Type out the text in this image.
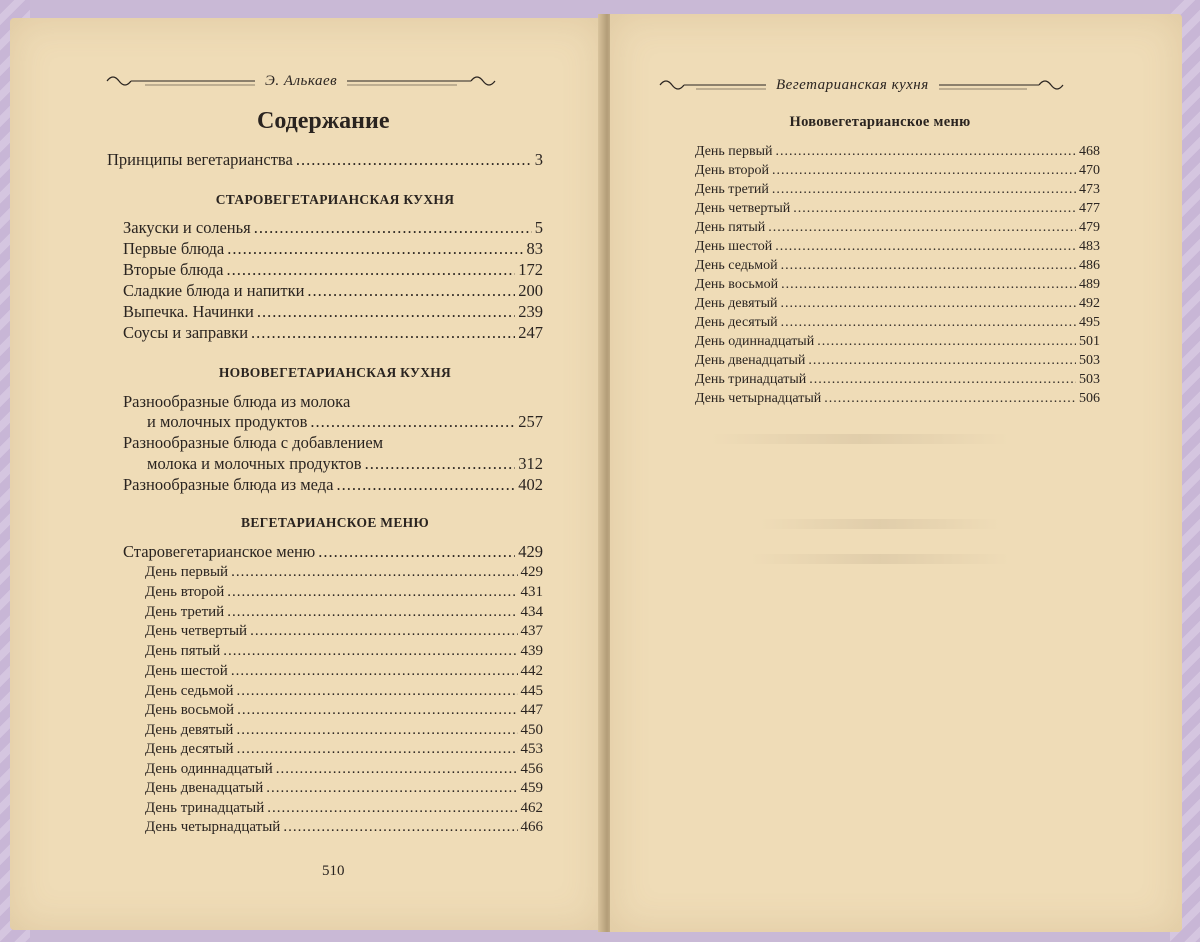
Э. Алькаев
Содержание
Принципы вегетарианства .....	3
СТАРОВЕГЕТАРИАНСКАЯ КУХНЯ
Закуски и соленья .....	5
Первые блюда .....	83
Вторые блюда .....	172
Сладкие блюда и напитки .....	200
Выпечка. Начинки .....	239
Соусы и заправки .....	247
НОВОВЕГЕТАРИАНСКАЯ КУХНЯ
Разнообразные блюда из молока
и молочных продуктов .....	257
Разнообразные блюда с добавлением
молока и молочных продуктов .....	312
Разнообразные блюда из меда .....	402
ВЕГЕТАРИАНСКОЕ МЕНЮ
Старовегетарианское меню .....	429
День первый .....	429
День второй .....	431
День третий .....	434
День четвертый .....	437
День пятый .....	439
День шестой .....	442
День седьмой .....	445
День восьмой .....	447
День девятый .....	450
День десятый .....	453
День одиннадцатый .....	456
День двенадцатый .....	459
День тринадцатый .....	462
День четырнадцатый .....	466
510
Вегетарианская кухня
Нововегетарианское меню
День первый .....	468
День второй .....	470
День третий .....	473
День четвертый .....	477
День пятый .....	479
День шестой .....	483
День седьмой .....	486
День восьмой .....	489
День девятый .....	492
День десятый .....	495
День одиннадцатый .....	501
День двенадцатый .....	503
День тринадцатый .....	503
День четырнадцатый .....	506
